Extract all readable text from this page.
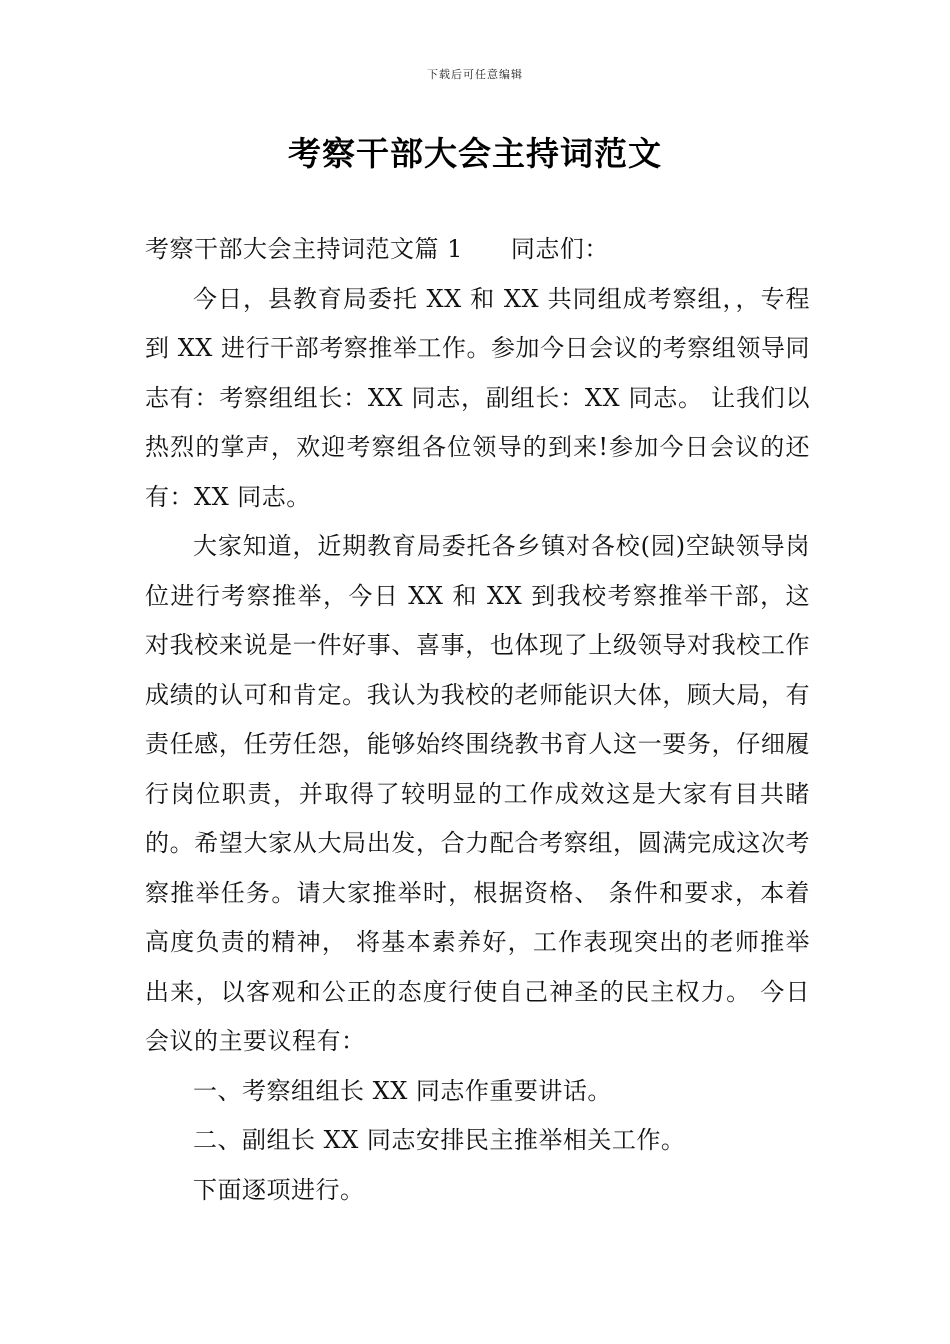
下载后可任意编辑
考察干部大会主持词范文

考察干部大会主持词范文篇 1 同志们：

今日，县教育局委托 XX 和 XX 共同组成考察组，，专程到 XX 进行干部考察推举工作。参加今日会议的考察组领导同志有：考察组组长：XX 同志，副组长：XX 同志。 让我们以热烈的掌声，欢迎考察组各位领导的到来!参加今日会议的还有：XX 同志。

大家知道，近期教育局委托各乡镇对各校(园)空缺领导岗位进行考察推举，今日 XX 和 XX 到我校考察推举干部，这对我校来说是一件好事、喜事，也体现了上级领导对我校工作成绩的认可和肯定。我认为我校的老师能识大体，顾大局，有责任感，任劳任怨，能够始终围绕教书育人这一要务，仔细履行岗位职责，并取得了较明显的工作成效这是大家有目共睹的。希望大家从大局出发，合力配合考察组，圆满完成这次考察推举任务。请大家推举时，根据资格、 条件和要求，本着高度负责的精神， 将基本素养好，工作表现突出的老师推举出来，以客观和公正的态度行使自己神圣的民主权力。 今日会议的主要议程有：

一、考察组组长 XX 同志作重要讲话。

二、副组长 XX 同志安排民主推举相关工作。

下面逐项进行。
